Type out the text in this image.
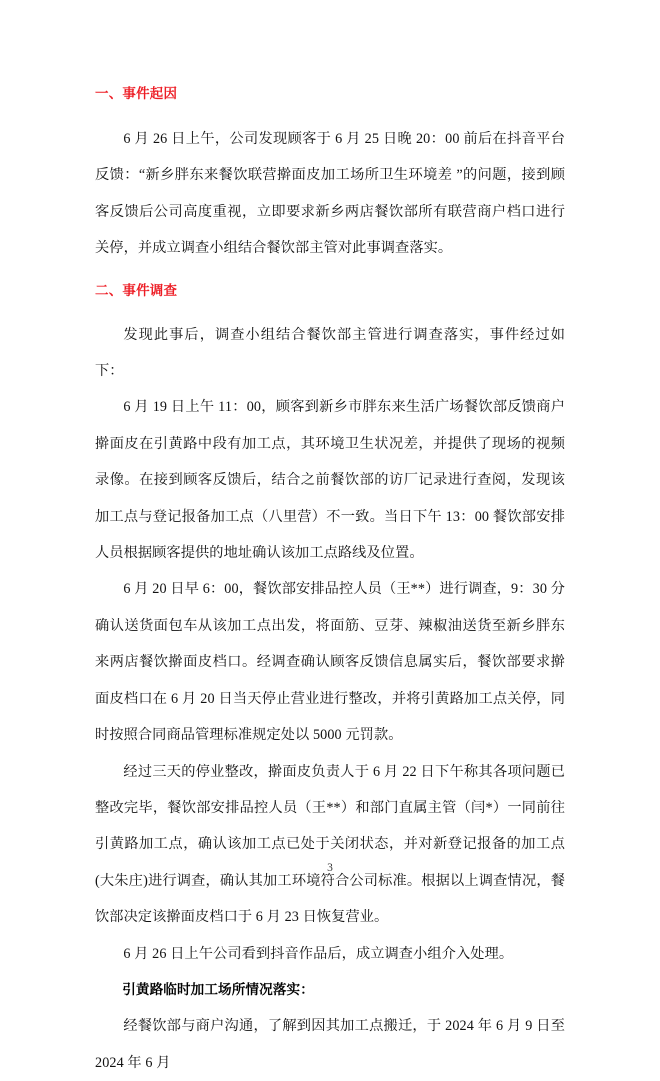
一、事件起因

6 月 26 日上午，公司发现顾客于 6 月 25 日晚 20：00 前后在抖音平台反馈：“新乡胖东来餐饮联营擀面皮加工场所卫生环境差 ”的问题，接到顾客反馈后公司高度重视，立即要求新乡两店餐饮部所有联营商户档口进行关停，并成立调查小组结合餐饮部主管对此事调查落实。

二、事件调查

发现此事后，调查小组结合餐饮部主管进行调查落实，事件经过如下：

6 月 19 日上午 11：00，顾客到新乡市胖东来生活广场餐饮部反馈商户擀面皮在引黄路中段有加工点，其环境卫生状况差，并提供了现场的视频录像。在接到顾客反馈后，结合之前餐饮部的访厂记录进行查阅，发现该加工点与登记报备加工点（八里营）不一致。当日下午 13：00 餐饮部安排人员根据顾客提供的地址确认该加工点路线及位置。

6 月 20 日早 6：00，餐饮部安排品控人员（王**）进行调查，9：30 分确认送货面包车从该加工点出发，将面筋、豆芽、辣椒油送货至新乡胖东来两店餐饮擀面皮档口。经调查确认顾客反馈信息属实后，餐饮部要求擀面皮档口在 6 月 20 日当天停止营业进行整改，并将引黄路加工点关停，同时按照合同商品管理标准规定处以 5000 元罚款。

经过三天的停业整改，擀面皮负责人于 6 月 22 日下午称其各项问题已整改完毕，餐饮部安排品控人员（王**）和部门直属主管（闫*）一同前往引黄路加工点，确认该加工点已处于关闭状态，并对新登记报备的加工点(大朱庄)进行调查，确认其加工环境符合公司标准。根据以上调查情况，餐饮部决定该擀面皮档口于 6 月 23 日恢复营业。

6 月 26 日上午公司看到抖音作品后，成立调查小组介入处理。

引黄路临时加工场所情况落实：

经餐饮部与商户沟通，了解到因其加工点搬迁，于 2024 年 6 月 9 日至 2024 年 6 月

3
